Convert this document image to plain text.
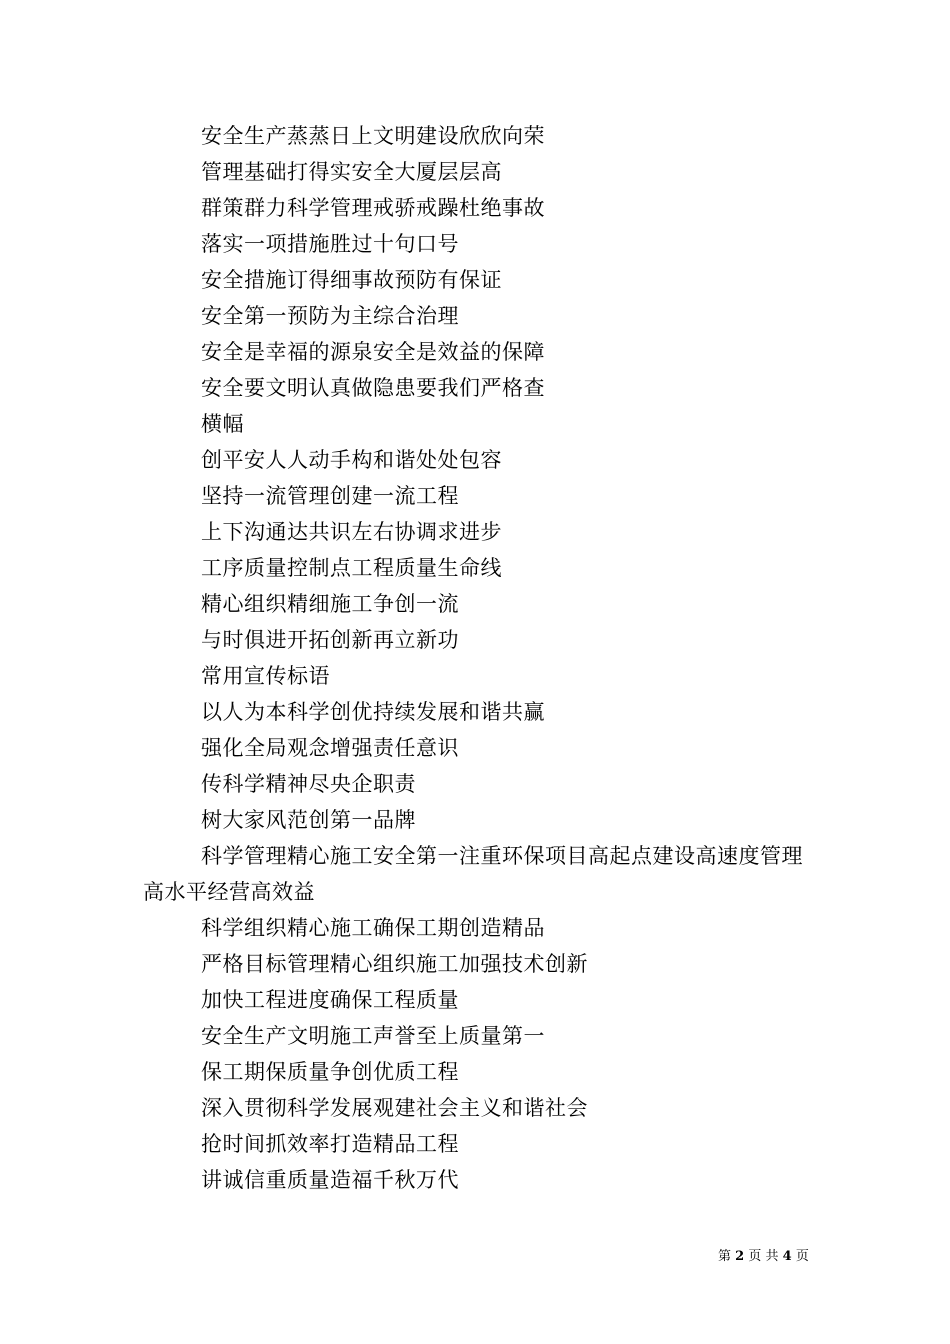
安全生产蒸蒸日上文明建设欣欣向荣
管理基础打得实安全大厦层层高
群策群力科学管理戒骄戒躁杜绝事故
落实一项措施胜过十句口号
安全措施订得细事故预防有保证
安全第一预防为主综合治理
安全是幸福的源泉安全是效益的保障
安全要文明认真做隐患要我们严格查
横幅
创平安人人动手构和谐处处包容
坚持一流管理创建一流工程
上下沟通达共识左右协调求进步
工序质量控制点工程质量生命线
精心组织精细施工争创一流
与时俱进开拓创新再立新功
常用宣传标语
以人为本科学创优持续发展和谐共赢
强化全局观念增强责任意识
传科学精神尽央企职责
树大家风范创第一品牌
科学管理精心施工安全第一注重环保项目高起点建设高速度管理高水平经营高效益
科学组织精心施工确保工期创造精品
严格目标管理精心组织施工加强技术创新
加快工程进度确保工程质量
安全生产文明施工声誉至上质量第一
保工期保质量争创优质工程
深入贯彻科学发展观建社会主义和谐社会
抢时间抓效率打造精品工程
讲诚信重质量造福千秋万代
第 2 页 共 4 页
